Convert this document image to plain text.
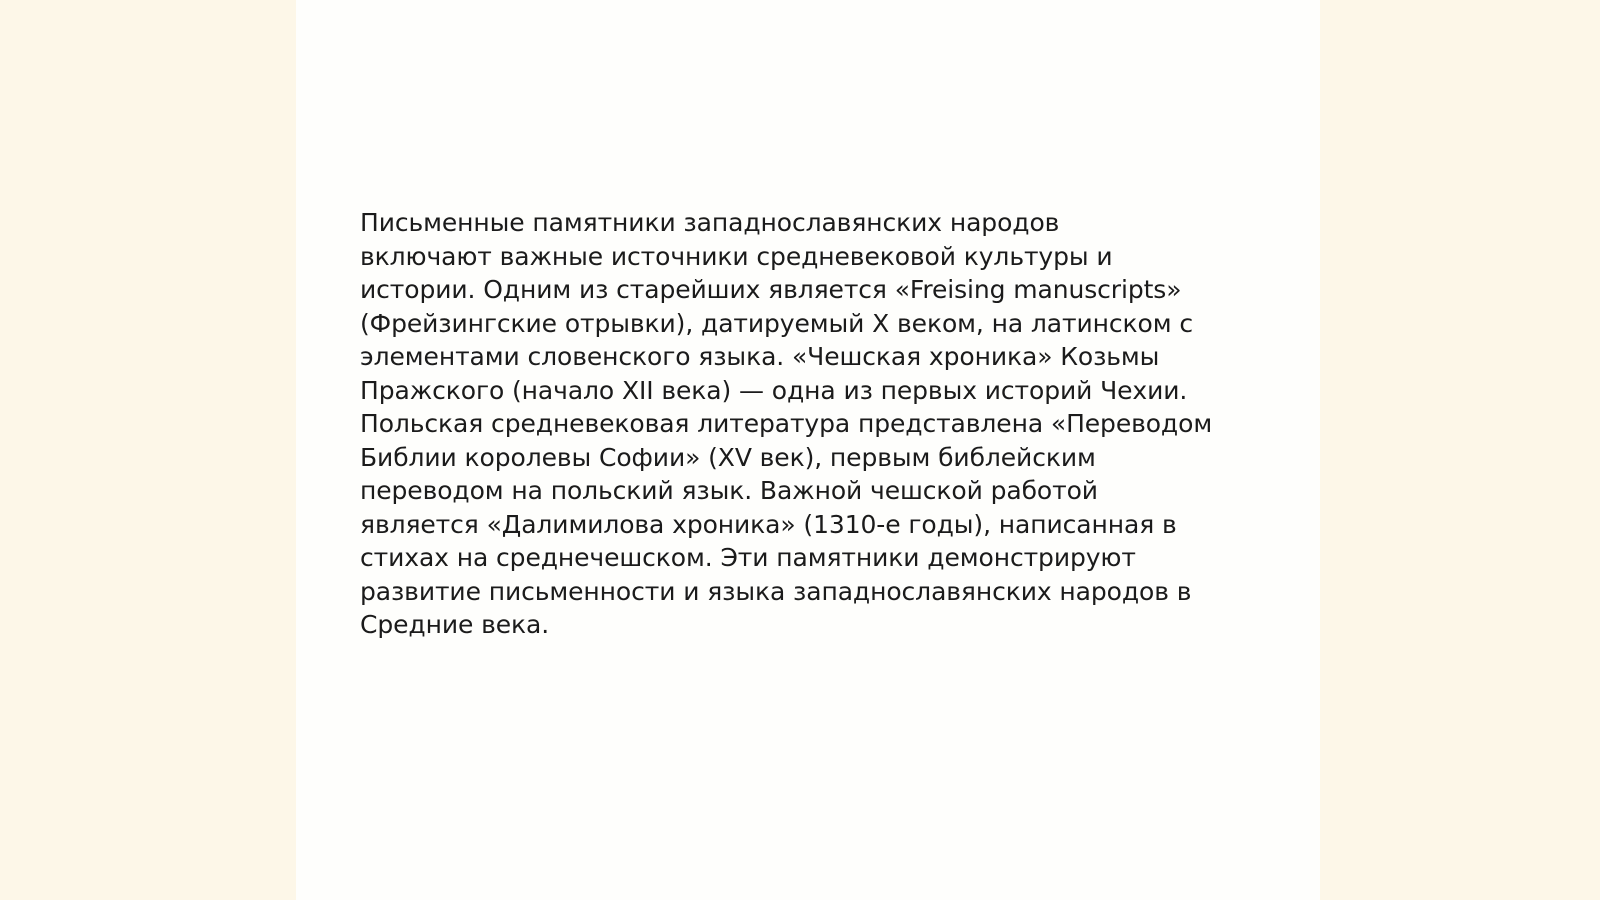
Письменные памятники западнославянских народов
включают важные источники средневековой культуры и
истории. Одним из старейших является «Freising manuscripts»
(Фрейзингские отрывки), датируемый X веком, на латинском с
элементами словенского языка. «Чешская хроника» Козьмы
Пражского (начало XII века) — одна из первых историй Чехии.
Польская средневековая литература представлена «Переводом
Библии королевы Софии» (XV век), первым библейским
переводом на польский язык. Важной чешской работой
является «Далимилова хроника» (1310-е годы), написанная в
стихах на среднечешском. Эти памятники демонстрируют
развитие письменности и языка западнославянских народов в
Средние века.
